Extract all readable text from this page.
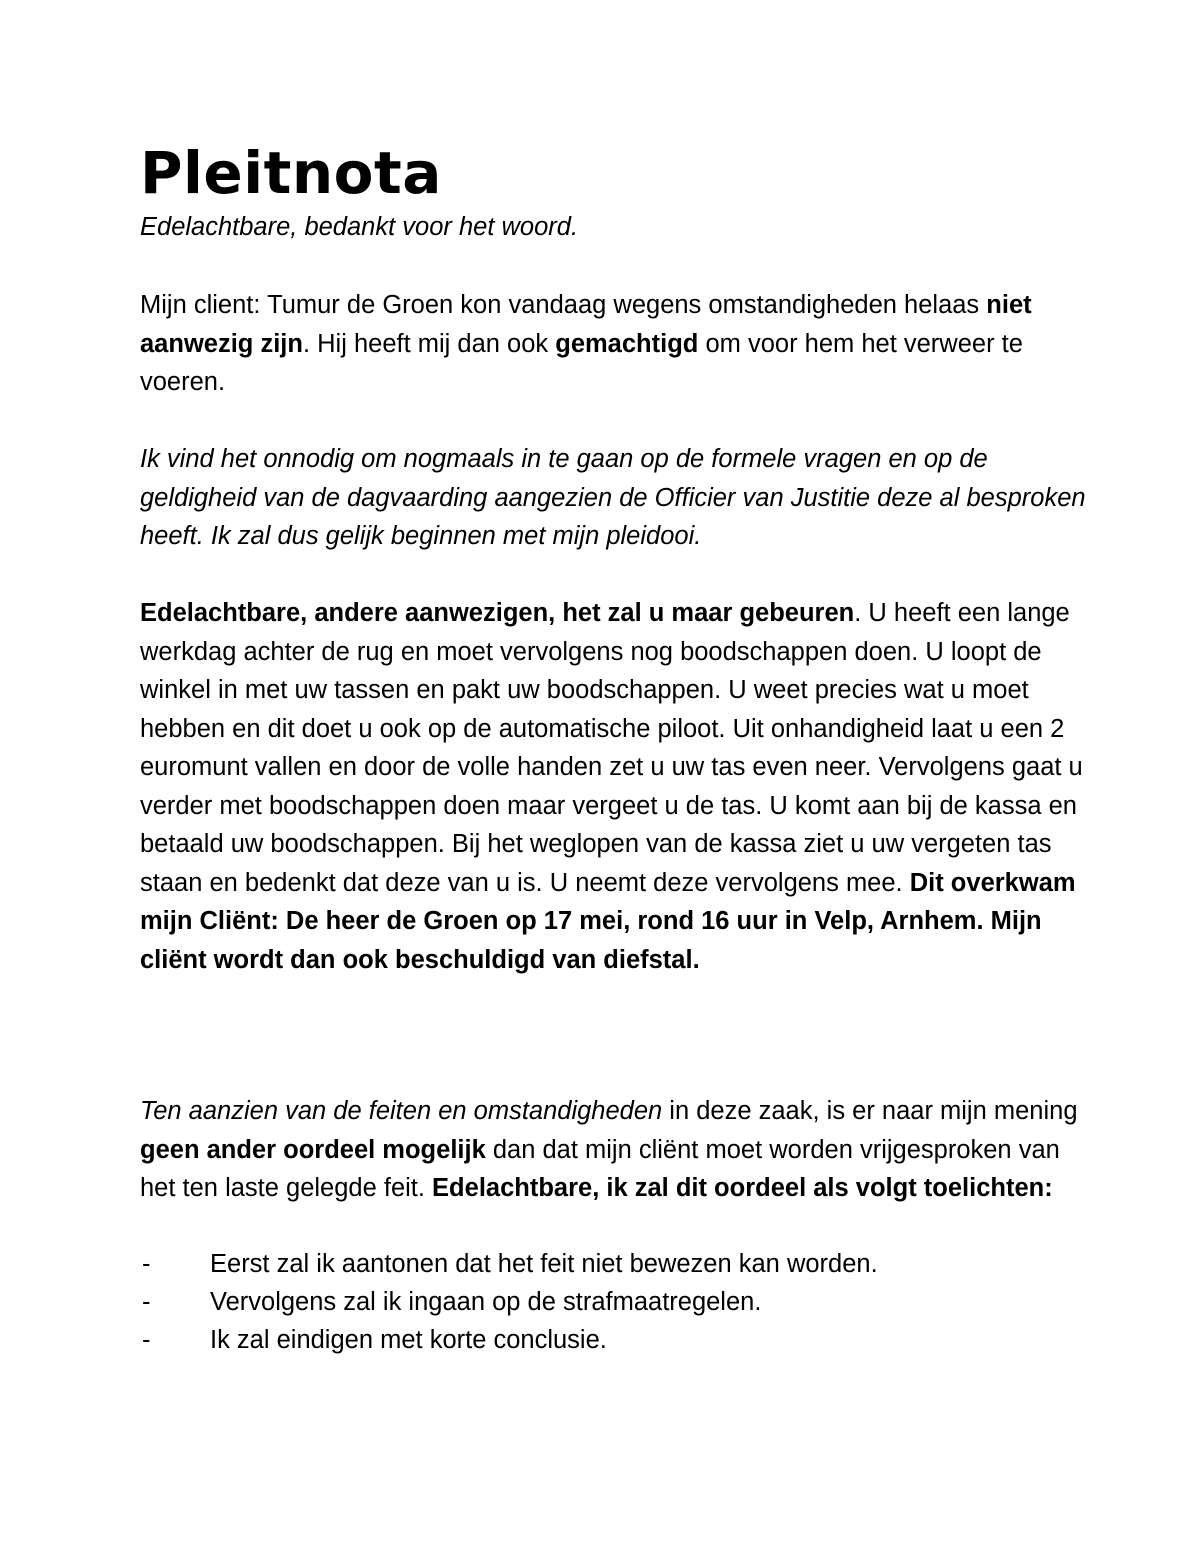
Pleitnota

Edelachtbare, bedankt voor het woord.

Mijn client: Tumur de Groen kon vandaag wegens omstandigheden helaas niet aanwezig zijn. Hij heeft mij dan ook gemachtigd om voor hem het verweer te voeren.

Ik vind het onnodig om nogmaals in te gaan op de formele vragen en op de geldigheid van de dagvaarding aangezien de Officier van Justitie deze al besproken heeft. Ik zal dus gelijk beginnen met mijn pleidooi.

Edelachtbare, andere aanwezigen, het zal u maar gebeuren. U heeft een lange werkdag achter de rug en moet vervolgens nog boodschappen doen. U loopt de winkel in met uw tassen en pakt uw boodschappen. U weet precies wat u moet hebben en dit doet u ook op de automatische piloot. Uit onhandigheid laat u een 2 euromunt vallen en door de volle handen zet u uw tas even neer. Vervolgens gaat u verder met boodschappen doen maar vergeet u de tas. U komt aan bij de kassa en betaald uw boodschappen. Bij het weglopen van de kassa ziet u uw vergeten tas staan en bedenkt dat deze van u is. U neemt deze vervolgens mee. Dit overkwam mijn Cliënt: De heer de Groen op 17 mei, rond 16 uur in Velp, Arnhem. Mijn cliënt wordt dan ook beschuldigd van diefstal.

Ten aanzien van de feiten en omstandigheden in deze zaak, is er naar mijn mening geen ander oordeel mogelijk dan dat mijn cliënt moet worden vrijgesproken van het ten laste gelegde feit. Edelachtbare, ik zal dit oordeel als volgt toelichten:

- Eerst zal ik aantonen dat het feit niet bewezen kan worden.
- Vervolgens zal ik ingaan op de strafmaatregelen.
- Ik zal eindigen met korte conclusie.
